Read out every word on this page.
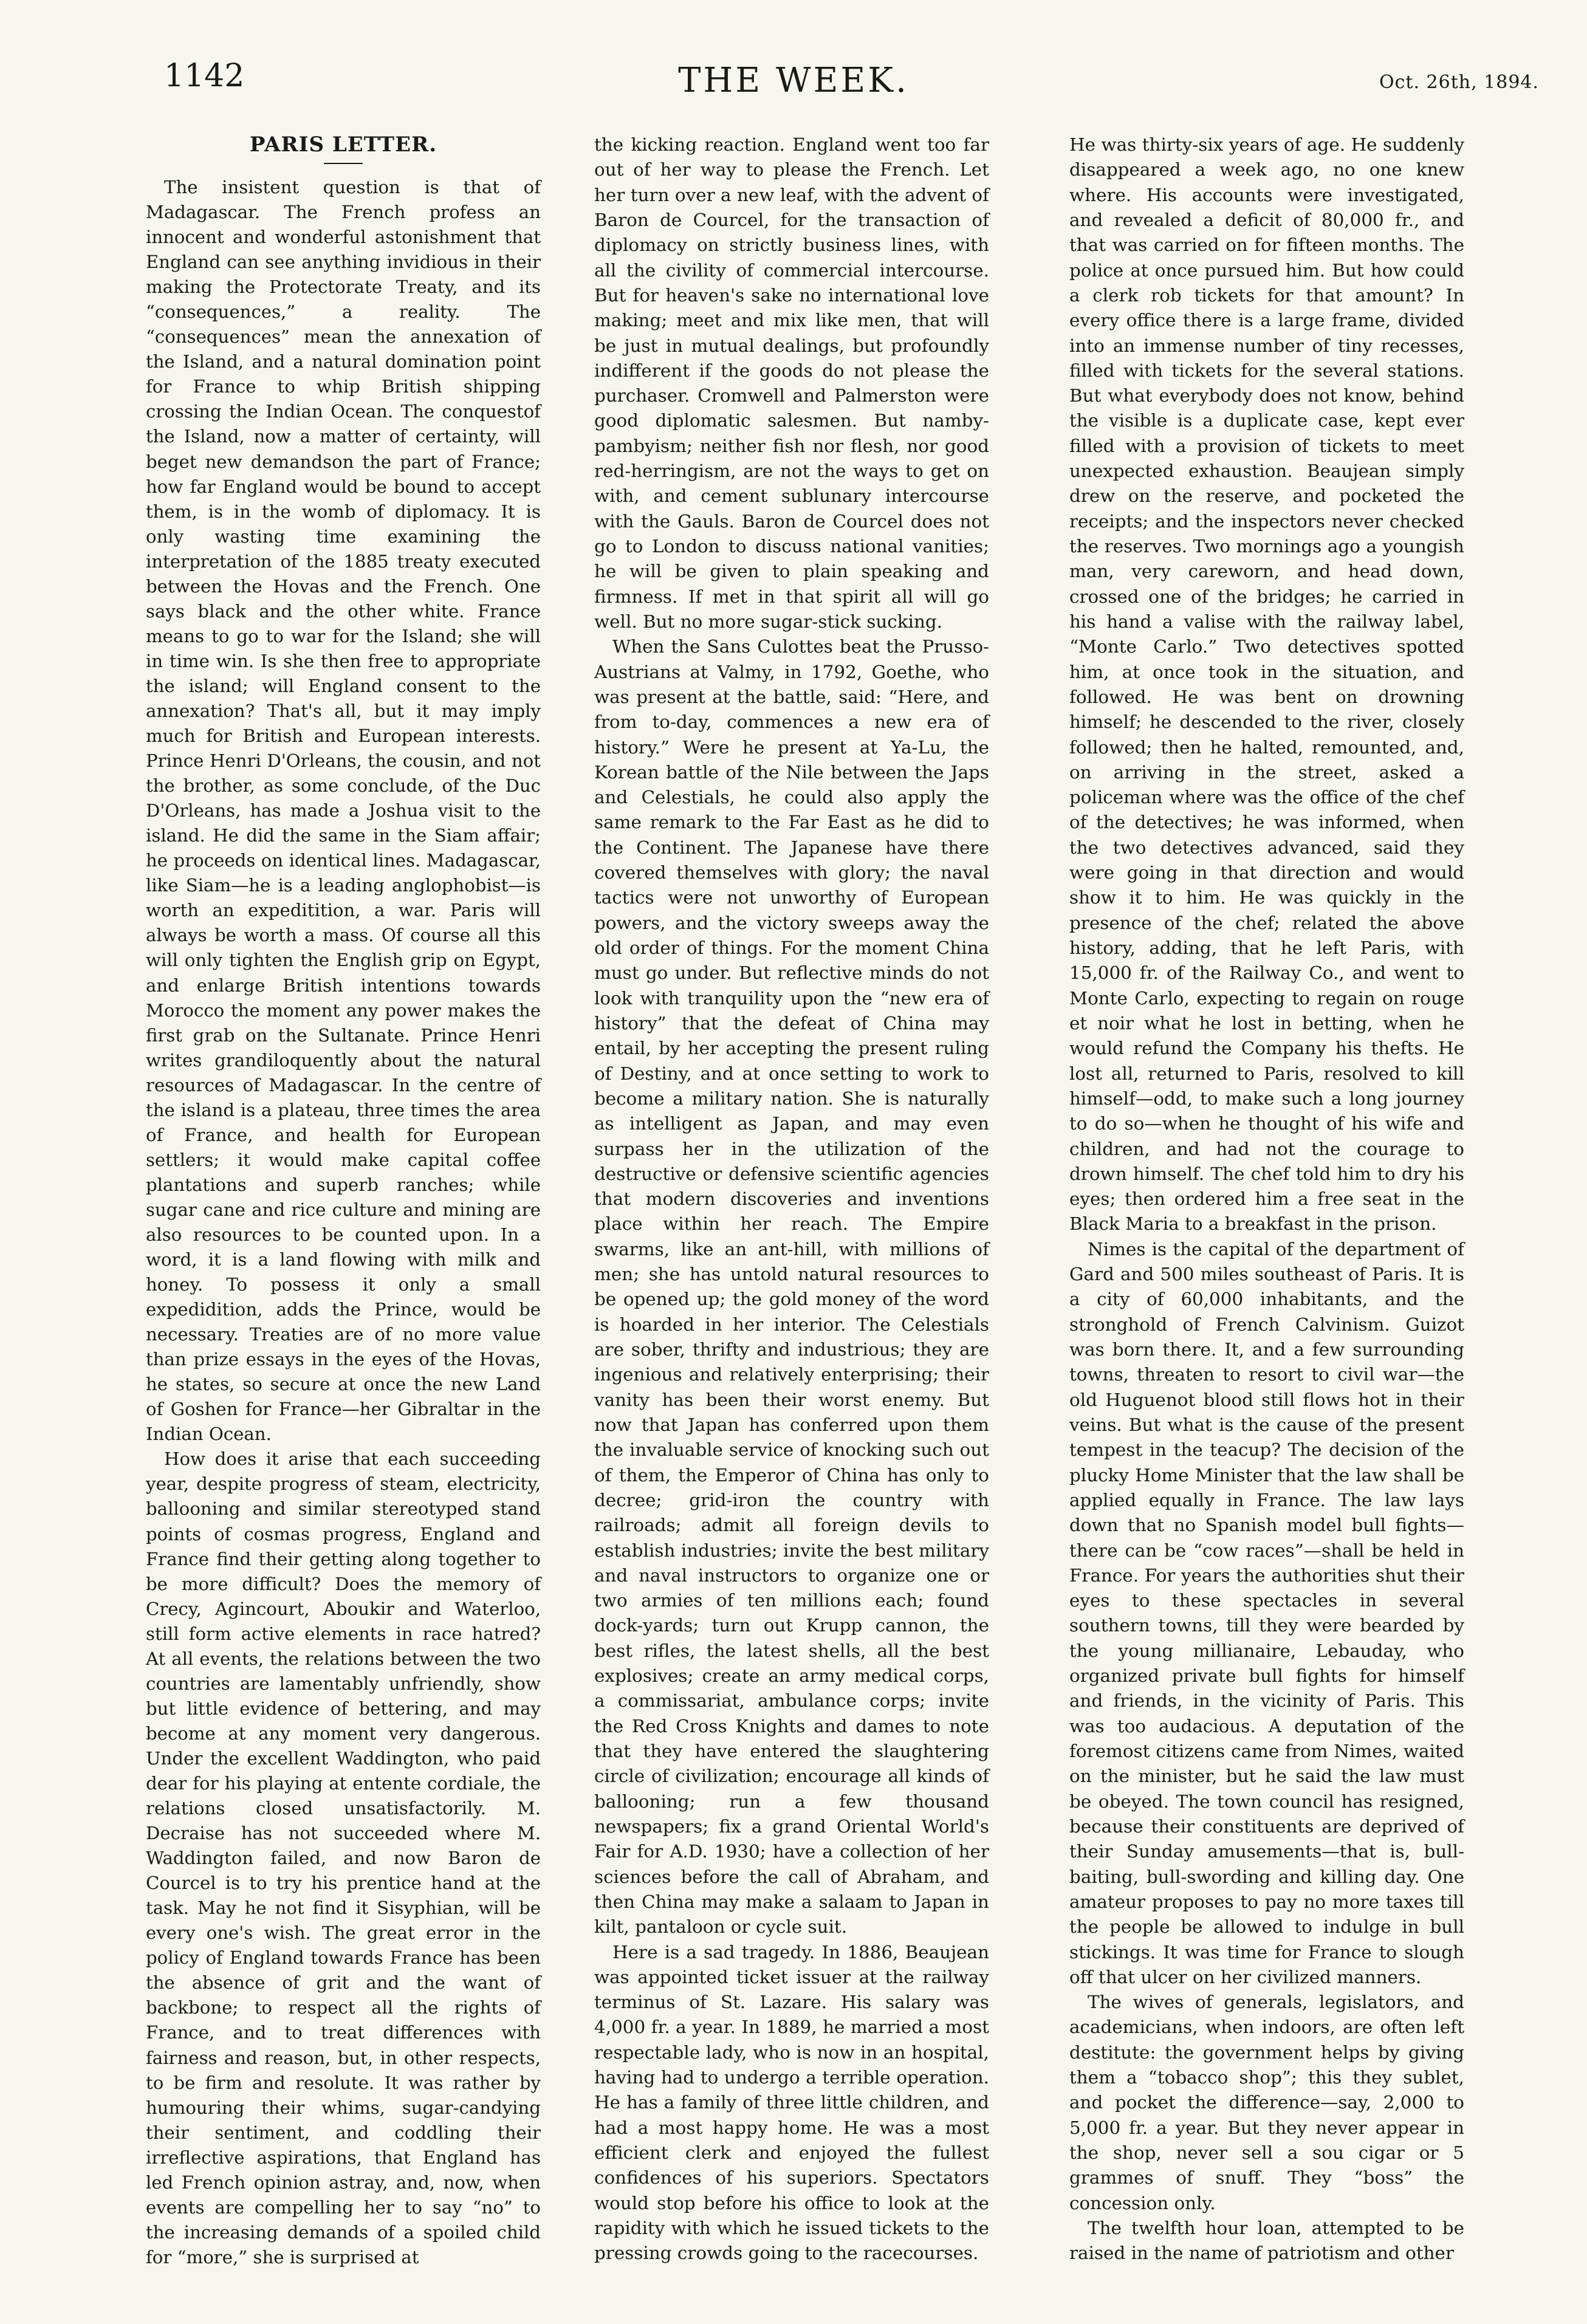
1142	THE WEEK.	Oct. 26th, 1894.
PARIS LETTER.

The insistent question is that of Madagascar. The French profess an innocent and wonderful astonishment that England can see anything invidious in their making the Protectorate Treaty, and its “consequences,” a reality. The “consequences” mean the annexation of the Island, and a natural domination point for France to whip British shipping crossing the Indian Ocean. The conquestof the Island, now a matter of certainty, will beget new demandson the part of France; how far England would be bound to accept them, is in the womb of diplomacy. It is only wasting time examining the interpretation of the 1885 treaty executed between the Hovas and the French. One says black and the other white. France means to go to war for the Island; she will in time win. Is she then free to appropriate the island; will England consent to the annexation? That's all, but it may imply much for British and European interests. Prince Henri D'Orleans, the cousin, and not the brother, as some conclude, of the Duc D'Orleans, has made a Joshua visit to the island. He did the same in the Siam affair; he proceeds on identical lines. Madagascar, like Siam—he is a leading anglophobist—is worth an expeditition, a war. Paris will always be worth a mass. Of course all this will only tighten the English grip on Egypt, and enlarge British intentions towards Morocco the moment any power makes the first grab on the Sultanate. Prince Henri writes grandiloquently about the natural resources of Madagascar. In the centre of the island is a plateau, three times the area of France, and health for European settlers; it would make capital coffee plantations and superb ranches; while sugar cane and rice culture and mining are also resources to be counted upon. In a word, it is a land flowing with milk and honey. To possess it only a small expedidition, adds the Prince, would be necessary. Treaties are of no more value than prize essays in the eyes of the Hovas, he states, so secure at once the new Land of Goshen for France—her Gibraltar in the Indian Ocean.

How does it arise that each succeeding year, despite progress of steam, electricity, ballooning and similar stereotyped stand points of cosmas progress, England and France find their getting along together to be more difficult? Does the memory of Crecy, Agincourt, Aboukir and Waterloo, still form active elements in race hatred? At all events, the relations between the two countries are lamentably unfriendly, show but little evidence of bettering, and may become at any moment very dangerous. Under the excellent Waddington, who paid dear for his playing at entente cordiale, the relations closed unsatisfactorily. M. Decraise has not succeeded where M. Waddington failed, and now Baron de Courcel is to try his prentice hand at the task. May he not find it Sisyphian, will be every one's wish. The great error in the policy of England towards France has been the absence of grit and the want of backbone; to respect all the rights of France, and to treat differences with fairness and reason, but, in other respects, to be firm and resolute. It was rather by humouring their whims, sugar-candying their sentiment, and coddling their irreflective aspirations, that England has led French opinion astray, and, now, when events are compelling her to say “no” to the increasing demands of a spoiled child for “more,” she is surprised at

the kicking reaction. England went too far out of her way to please the French. Let her turn over a new leaf, with the advent of Baron de Courcel, for the transaction of diplomacy on strictly business lines, with all the civility of commercial intercourse. But for heaven's sake no international love making; meet and mix like men, that will be just in mutual dealings, but profoundly indifferent if the goods do not please the purchaser. Cromwell and Palmerston were good diplomatic salesmen. But namby-pambyism; neither fish nor flesh, nor good red-herringism, are not the ways to get on with, and cement sublunary intercourse with the Gauls. Baron de Courcel does not go to London to discuss national vanities; he will be given to plain speaking and firmness. If met in that spirit all will go well. But no more sugar-stick sucking.

When the Sans Culottes beat the Prusso-Austrians at Valmy, in 1792, Goethe, who was present at the battle, said: “Here, and from to-day, commences a new era of history.” Were he present at Ya-Lu, the Korean battle of the Nile between the Japs and Celestials, he could also apply the same remark to the Far East as he did to the Continent. The Japanese have there covered themselves with glory; the naval tactics were not unworthy of European powers, and the victory sweeps away the old order of things. For the moment China must go under. But reflective minds do not look with tranquility upon the “new era of history” that the defeat of China may entail, by her accepting the present ruling of Destiny, and at once setting to work to become a military nation. She is naturally as intelligent as Japan, and may even surpass her in the utilization of the destructive or defensive scientific agencies that modern discoveries and inventions place within her reach. The Empire swarms, like an ant-hill, with millions of men; she has untold natural resources to be opened up; the gold money of the word is hoarded in her interior. The Celestials are sober, thrifty and industrious; they are ingenious and relatively enterprising; their vanity has been their worst enemy. But now that Japan has conferred upon them the invaluable service of knocking such out of them, the Emperor of China has only to decree; grid-iron the country with railroads; admit all foreign devils to establish industries; invite the best military and naval instructors to organize one or two armies of ten millions each; found dock-yards; turn out Krupp cannon, the best rifles, the latest shells, all the best explosives; create an army medical corps, a commissariat, ambulance corps; invite the Red Cross Knights and dames to note that they have entered the slaughtering circle of civilization; encourage all kinds of ballooning; run a few thousand newspapers; fix a grand Oriental World's Fair for A.D. 1930; have a collection of her sciences before the call of Abraham, and then China may make a salaam to Japan in kilt, pantaloon or cycle suit.

Here is a sad tragedy. In 1886, Beaujean was appointed ticket issuer at the railway terminus of St. Lazare. His salary was 4,000 fr. a year. In 1889, he married a most respectable lady, who is now in an hospital, having had to undergo a terrible operation. He has a family of three little children, and had a most happy home. He was a most efficient clerk and enjoyed the fullest confidences of his superiors. Spectators would stop before his office to look at the rapidity with which he issued tickets to the pressing crowds going to the racecourses.

He was thirty-six years of age. He suddenly disappeared a week ago, no one knew where. His accounts were investigated, and revealed a deficit of 80,000 fr., and that was carried on for fifteen months. The police at once pursued him. But how could a clerk rob tickets for that amount? In every office there is a large frame, divided into an immense number of tiny recesses, filled with tickets for the several stations. But what everybody does not know, behind the visible is a duplicate case, kept ever filled with a provision of tickets to meet unexpected exhaustion. Beaujean simply drew on the reserve, and pocketed the receipts; and the inspectors never checked the reserves. Two mornings ago a youngish man, very careworn, and head down, crossed one of the bridges; he carried in his hand a valise with the railway label, “Monte Carlo.” Two detectives spotted him, at once took in the situation, and followed. He was bent on drowning himself; he descended to the river, closely followed; then he halted, remounted, and, on arriving in the street, asked a policeman where was the office of the chef of the detectives; he was informed, when the two detectives advanced, said they were going in that direction and would show it to him. He was quickly in the presence of the chef; related the above history, adding, that he left Paris, with 15,000 fr. of the Railway Co., and went to Monte Carlo, expecting to regain on rouge et noir what he lost in betting, when he would refund the Company his thefts. He lost all, returned to Paris, resolved to kill himself—odd, to make such a long journey to do so—when he thought of his wife and children, and had not the courage to drown himself. The chef told him to dry his eyes; then ordered him a free seat in the Black Maria to a breakfast in the prison.

Nimes is the capital of the department of Gard and 500 miles southeast of Paris. It is a city of 60,000 inhabitants, and the stronghold of French Calvinism. Guizot was born there. It, and a few surrounding towns, threaten to resort to civil war—the old Huguenot blood still flows hot in their veins. But what is the cause of the present tempest in the teacup? The decision of the plucky Home Minister that the law shall be applied equally in France. The law lays down that no Spanish model bull fights—there can be “cow races”—shall be held in France. For years the authorities shut their eyes to these spectacles in several southern towns, till they were bearded by the young millianaire, Lebauday, who organized private bull fights for himself and friends, in the vicinity of Paris. This was too audacious. A deputation of the foremost citizens came from Nimes, waited on the minister, but he said the law must be obeyed. The town council has resigned, because their constituents are deprived of their Sunday amusements—that is, bull-baiting, bull-swording and killing day. One amateur proposes to pay no more taxes till the people be allowed to indulge in bull stickings. It was time for France to slough off that ulcer on her civilized manners.

The wives of generals, legislators, and academicians, when indoors, are often left destitute: the government helps by giving them a “tobacco shop”; this they sublet, and pocket the difference—say, 2,000 to 5,000 fr. a year. But they never appear in the shop, never sell a sou cigar or 5 grammes of snuff. They “boss” the concession only.

The twelfth hour loan, attempted to be raised in the name of patriotism and other
